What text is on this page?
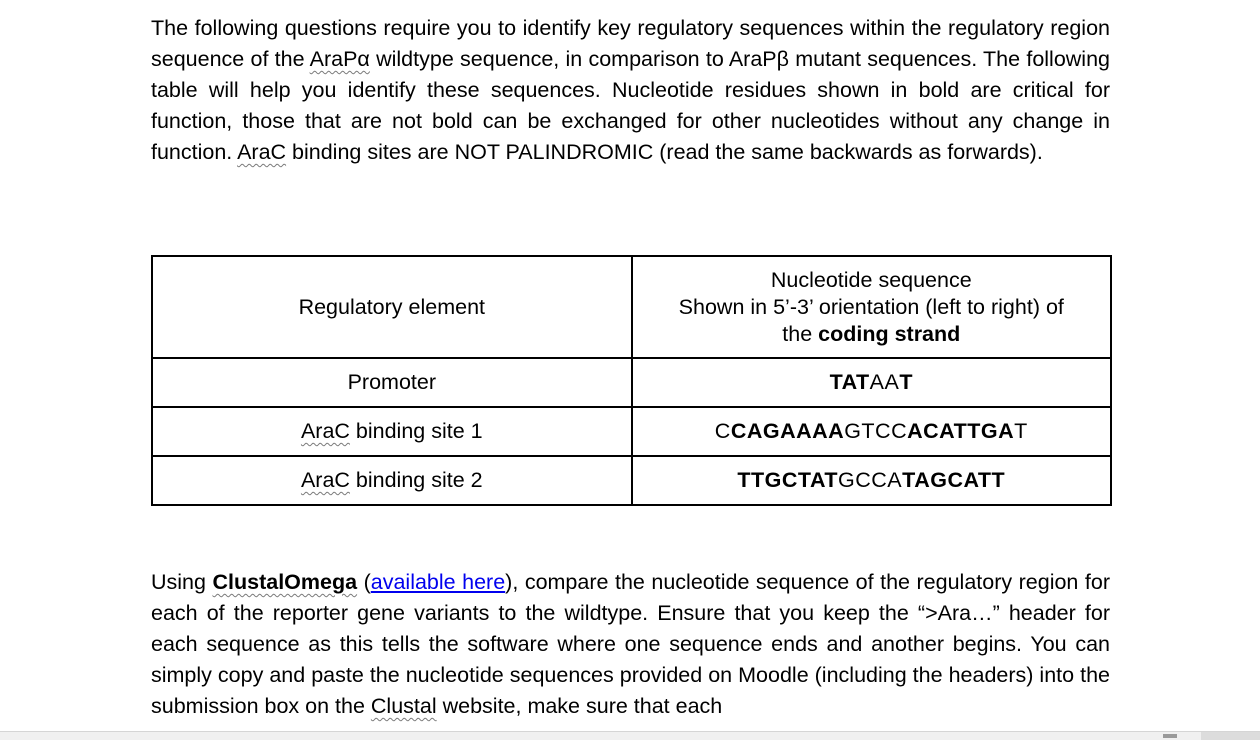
The following questions require you to identify key regulatory sequences within the regulatory region sequence of the AraPα wildtype sequence, in comparison to AraPβ mutant sequences. The following table will help you identify these sequences. Nucleotide residues shown in bold are critical for function, those that are not bold can be exchanged for other nucleotides without any change in function. AraC binding sites are NOT PALINDROMIC (read the same backwards as forwards).

Regulatory element	Nucleotide sequence
Shown in 5’-3’ orientation (left to right) of
the coding strand

Promoter	TATAAT
AraC binding site 1	CCAGAAAAGTCCACATTGAT
AraC binding site 2	TTGCTATGCCATAGCATT

Using ClustalOmega (available here), compare the nucleotide sequence of the regulatory region for each of the reporter gene variants to the wildtype. Ensure that you keep the “>Ara…” header for each sequence as this tells the software where one sequence ends and another begins. You can simply copy and paste the nucleotide sequences provided on Moodle (including the headers) into the submission box on the Clustal website, make sure that each
